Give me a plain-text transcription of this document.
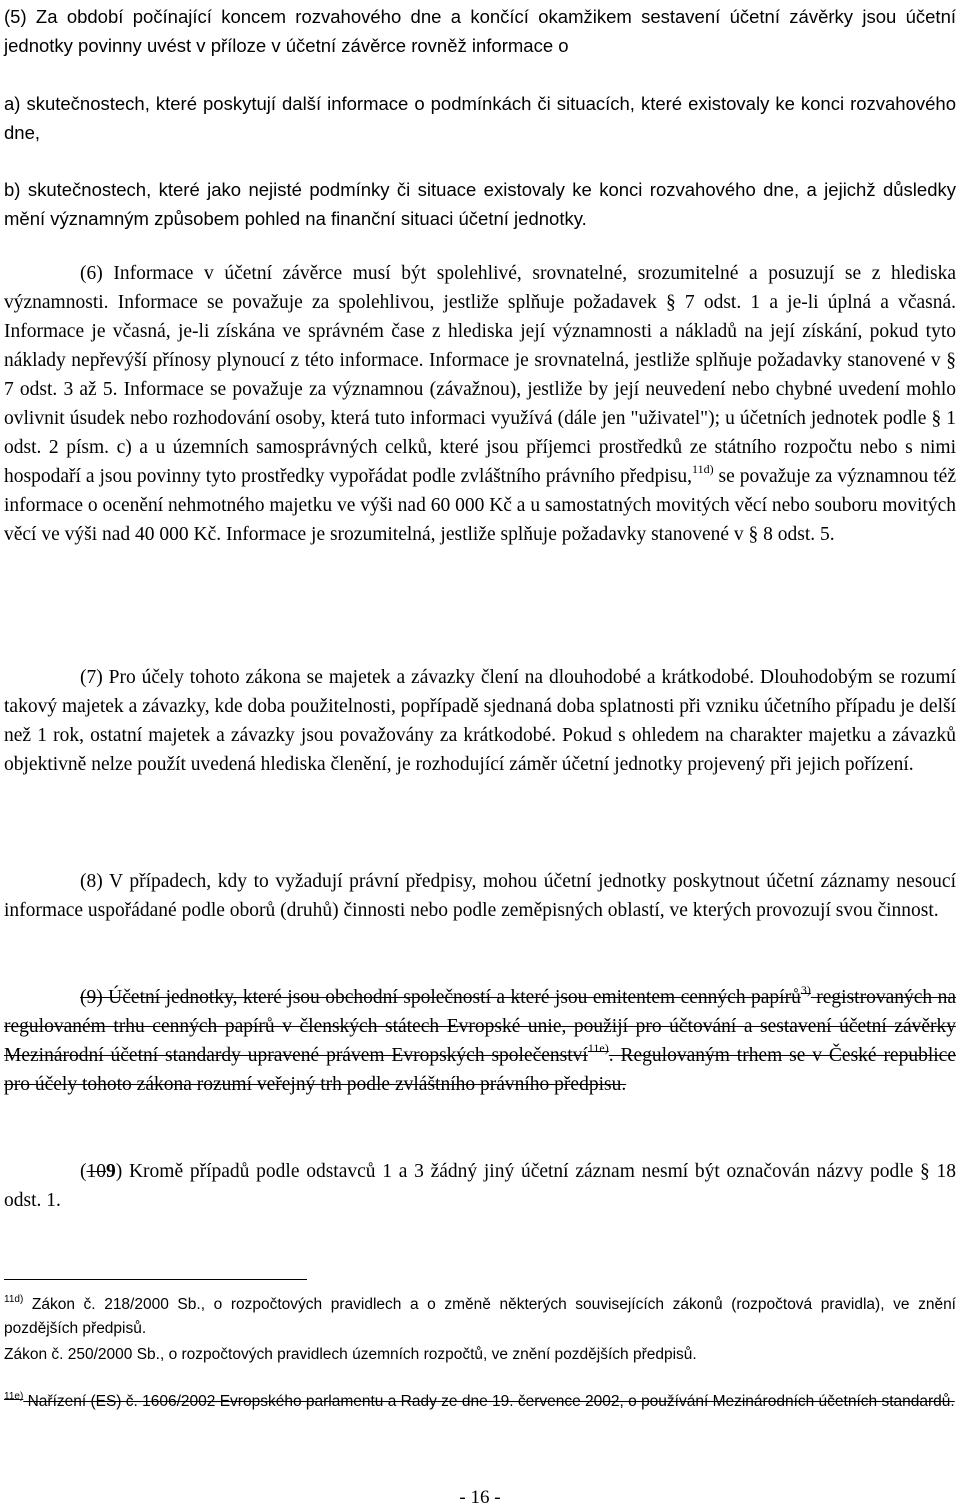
(5) Za období počínající koncem rozvahového dne a končící okamžikem sestavení účetní závěrky jsou účetní jednotky povinny uvést v příloze v účetní závěrce rovněž informace o

a) skutečnostech, které poskytují další informace o podmínkách či situacích, které existovaly ke konci rozvahového dne,

b) skutečnostech, které jako nejisté podmínky či situace existovaly ke konci rozvahového dne, a jejichž důsledky mění významným způsobem pohled na finanční situaci účetní jednotky.

(6) Informace v účetní závěrce musí být spolehlivé, srovnatelné, srozumitelné a posuzují se z hlediska významnosti. Informace se považuje za spolehlivou, jestliže splňuje požadavek § 7 odst. 1 a je-li úplná a včasná. Informace je včasná, je-li získána ve správném čase z hlediska její významnosti a nákladů na její získání, pokud tyto náklady nepřevýší přínosy plynoucí z této informace. Informace je srovnatelná, jestliže splňuje požadavky stanovené v § 7 odst. 3 až 5. Informace se považuje za významnou (závažnou), jestliže by její neuvedení nebo chybné uvedení mohlo ovlivnit úsudek nebo rozhodování osoby, která tuto informaci využívá (dále jen "uživatel"); u účetních jednotek podle § 1 odst. 2 písm. c) a u územních samosprávných celků, které jsou příjemci prostředků ze státního rozpočtu nebo s nimi hospodaří a jsou povinny tyto prostředky vypořádat podle zvláštního právního předpisu,$^{11d)}$ se považuje za významnou též informace o ocenění nehmotného majetku ve výši nad 60 000 Kč a u samostatných movitých věcí nebo souboru movitých věcí ve výši nad 40 000 Kč. Informace je srozumitelná, jestliže splňuje požadavky stanovené v § 8 odst. 5.

(7) Pro účely tohoto zákona se majetek a závazky člení na dlouhodobé a krátkodobé. Dlouhodobým se rozumí takový majetek a závazky, kde doba použitelnosti, popřípadě sjednaná doba splatnosti při vzniku účetního případu je delší než 1 rok, ostatní majetek a závazky jsou považovány za krátkodobé. Pokud s ohledem na charakter majetku a závazků objektivně nelze použít uvedená hlediska členění, je rozhodující záměr účetní jednotky projevený při jejich pořízení.

(8) V případech, kdy to vyžadují právní předpisy, mohou účetní jednotky poskytnout účetní záznamy nesoucí informace uspořádané podle oborů (druhů) činnosti nebo podle zeměpisných oblastí, ve kterých provozují svou činnost.

(9) Účetní jednotky, které jsou obchodní společností a které jsou emitentem cenných papírů$^{3)}$ registrovaných na regulovaném trhu cenných papírů v členských státech Evropské unie, použijí pro účtování a sestavení účetní závěrky Mezinárodní účetní standardy upravené právem Evropských společenství$^{11e)}$. Regulovaným trhem se v České republice pro účely tohoto zákona rozumí veřejný trh podle zvláštního právního předpisu.

(109) Kromě případů podle odstavců 1 a 3 žádný jiný účetní záznam nesmí být označován názvy podle § 18 odst. 1.

$^{11d)}$ Zákon č. 218/2000 Sb., o rozpočtových pravidlech a o změně některých souvisejících zákonů (rozpočtová pravidla), ve znění pozdějších předpisů.

Zákon č. 250/2000 Sb., o rozpočtových pravidlech územních rozpočtů, ve znění pozdějších předpisů.

$^{11e)}$ Nařízení (ES) č. 1606/2002 Evropského parlamentu a Rady ze dne 19. července 2002, o používání Mezinárodních účetních standardů.

- 16 -
